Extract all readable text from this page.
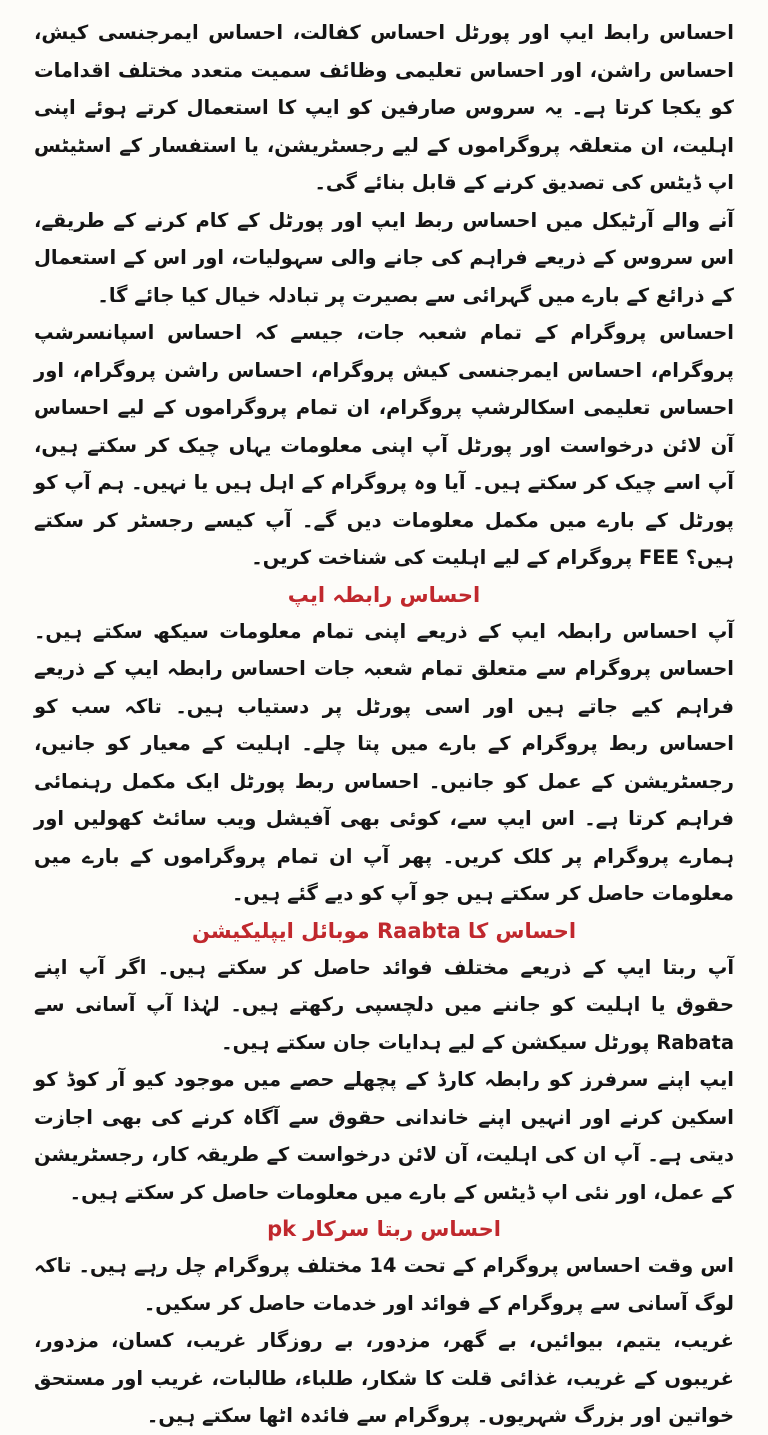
احساس رابط ایپ اور پورٹل احساس کفالت، احساس ایمرجنسی کیش، احساس راشن، اور احساس تعلیمی وظائف سمیت متعدد مختلف اقدامات کو یکجا کرتا ہے۔ یہ سروس صارفین کو ایپ کا استعمال کرتے ہوئے اپنی اہلیت، ان متعلقہ پروگراموں کے لیے رجسٹریشن، یا استفسار کے اسٹیٹس اپ ڈیٹس کی تصدیق کرنے کے قابل بنائے گی۔

آنے والے آرٹیکل میں احساس ربط ایپ اور پورٹل کے کام کرنے کے طریقے، اس سروس کے ذریعے فراہم کی جانے والی سہولیات، اور اس کے استعمال کے ذرائع کے بارے میں گہرائی سے بصیرت پر تبادلہ خیال کیا جائے گا۔

احساس پروگرام کے تمام شعبہ جات، جیسے کہ احساس اسپانسرشپ پروگرام، احساس ایمرجنسی کیش پروگرام، احساس راشن پروگرام، اور احساس تعلیمی اسکالرشپ پروگرام، ان تمام پروگراموں کے لیے احساس آن لائن درخواست اور پورٹل آپ اپنی معلومات یہاں چیک کر سکتے ہیں، آپ اسے چیک کر سکتے ہیں۔ آیا وہ پروگرام کے اہل ہیں یا نہیں۔ ہم آپ کو پورٹل کے بارے میں مکمل معلومات دیں گے۔ آپ کیسے رجسٹر کر سکتے ہیں؟ FEE پروگرام کے لیے اہلیت کی شناخت کریں۔

احساس رابطہ ایپ

آپ احساس رابطہ ایپ کے ذریعے اپنی تمام معلومات سیکھ سکتے ہیں۔ احساس پروگرام سے متعلق تمام شعبہ جات احساس رابطہ ایپ کے ذریعے فراہم کیے جاتے ہیں اور اسی پورٹل پر دستیاب ہیں۔ تاکہ سب کو احساس ربط پروگرام کے بارے میں پتا چلے۔ اہلیت کے معیار کو جانیں، رجسٹریشن کے عمل کو جانیں۔ احساس ربط پورٹل ایک مکمل رہنمائی فراہم کرتا ہے۔ اس ایپ سے، کوئی بھی آفیشل ویب سائٹ کھولیں اور ہمارے پروگرام پر کلک کریں۔ پھر آپ ان تمام پروگراموں کے بارے میں معلومات حاصل کر سکتے ہیں جو آپ کو دیے گئے ہیں۔

احساس کا Raabta موبائل ایپلیکیشن

آپ ربتا ایپ کے ذریعے مختلف فوائد حاصل کر سکتے ہیں۔ اگر آپ اپنے حقوق یا اہلیت کو جاننے میں دلچسپی رکھتے ہیں۔ لہٰذا آپ آسانی سے Rabata پورٹل سیکشن کے لیے ہدایات جان سکتے ہیں۔

ایپ اپنے سرفرز کو رابطہ کارڈ کے پچھلے حصے میں موجود کیو آر کوڈ کو اسکین کرنے اور انہیں اپنے خاندانی حقوق سے آگاہ کرنے کی بھی اجازت دیتی ہے۔ آپ ان کی اہلیت، آن لائن درخواست کے طریقہ کار، رجسٹریشن کے عمل، اور نئی اپ ڈیٹس کے بارے میں معلومات حاصل کر سکتے ہیں۔

احساس ربتا سرکار pk

اس وقت احساس پروگرام کے تحت 14 مختلف پروگرام چل رہے ہیں۔ تاکہ لوگ آسانی سے پروگرام کے فوائد اور خدمات حاصل کر سکیں۔

غریب، یتیم، بیوائیں، بے گھر، مزدور، بے روزگار غریب، کسان، مزدور، غریبوں کے غریب، غذائی قلت کا شکار، طلباء، طالبات، غریب اور مستحق خواتین اور بزرگ شہریوں۔ پروگرام سے فائدہ اٹھا سکتے ہیں۔
